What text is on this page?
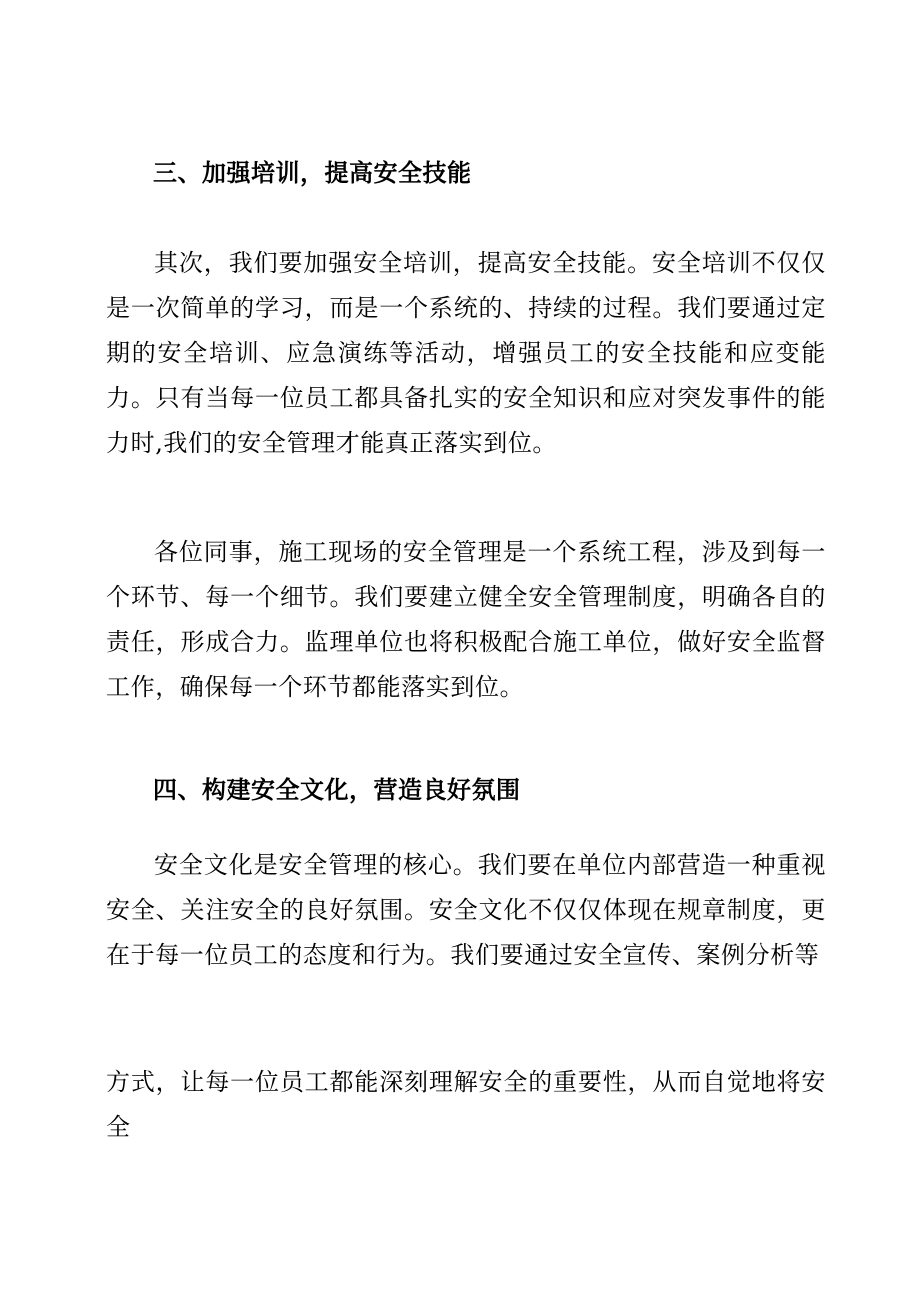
三、加强培训，提高安全技能
其次，我们要加强安全培训，提高安全技能。安全培训不仅仅是一次简单的学习，而是一个系统的、持续的过程。我们要通过定期的安全培训、应急演练等活动，增强员工的安全技能和应变能力。只有当每一位员工都具备扎实的安全知识和应对突发事件的能力时,我们的安全管理才能真正落实到位。
各位同事，施工现场的安全管理是一个系统工程，涉及到每一个环节、每一个细节。我们要建立健全安全管理制度，明确各自的责任，形成合力。监理单位也将积极配合施工单位，做好安全监督工作，确保每一个环节都能落实到位。
四、构建安全文化，营造良好氛围
安全文化是安全管理的核心。我们要在单位内部营造一种重视安全、关注安全的良好氛围。安全文化不仅仅体现在规章制度，更在于每一位员工的态度和行为。我们要通过安全宣传、案例分析等
方式，让每一位员工都能深刻理解安全的重要性，从而自觉地将安全
